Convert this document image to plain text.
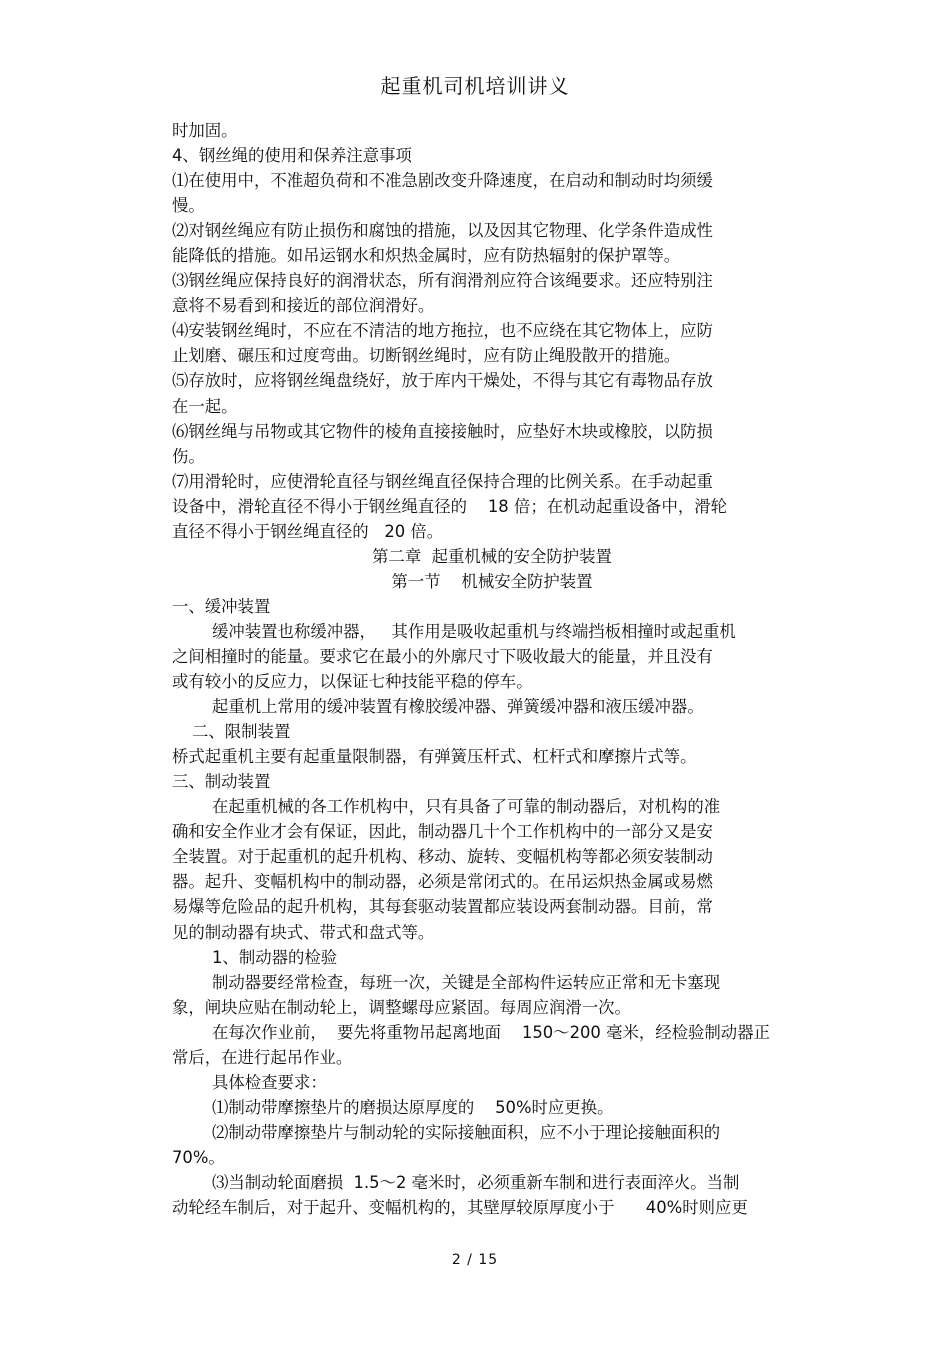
起重机司机培训讲义
时加固。
4、钢丝绳的使用和保养注意事项
⑴在使用中，不准超负荷和不准急剧改变升降速度，在启动和制动时均须缓
慢。
⑵对钢丝绳应有防止损伤和腐蚀的措施，以及因其它物理、化学条件造成性
能降低的措施。如吊运钢水和炽热金属时，应有防热辐射的保护罩等。
⑶钢丝绳应保持良好的润滑状态，所有润滑剂应符合该绳要求。还应特别注
意将不易看到和接近的部位润滑好。
⑷安装钢丝绳时，不应在不清洁的地方拖拉，也不应绕在其它物体上，应防
止划磨、碾压和过度弯曲。切断钢丝绳时，应有防止绳股散开的措施。
⑸存放时，应将钢丝绳盘绕好，放于库内干燥处，不得与其它有毒物品存放
在一起。
⑹钢丝绳与吊物或其它物件的棱角直接接触时，应垫好木块或橡胶，以防损
伤。
⑺用滑轮时，应使滑轮直径与钢丝绳直径保持合理的比例关系。在手动起重
设备中，滑轮直径不得小于钢丝绳直径的    18 倍；在机动起重设备中，滑轮
直径不得小于钢丝绳直径的   20 倍。
第二章  起重机械的安全防护装置
第一节    机械安全防护装置
一、缓冲装置
缓冲装置也称缓冲器，   其作用是吸收起重机与终端挡板相撞时或起重机
之间相撞时的能量。要求它在最小的外廓尺寸下吸收最大的能量，并且没有
或有较小的反应力，以保证七种技能平稳的停车。
起重机上常用的缓冲装置有橡胶缓冲器、弹簧缓冲器和液压缓冲器。
二、限制装置
桥式起重机主要有起重量限制器，有弹簧压杆式、杠杆式和摩擦片式等。
三、制动装置
在起重机械的各工作机构中，只有具备了可靠的制动器后，对机构的准
确和安全作业才会有保证，因此，制动器几十个工作机构中的一部分又是安
全装置。对于起重机的起升机构、移动、旋转、变幅机构等都必须安装制动
器。起升、变幅机构中的制动器，必须是常闭式的。在吊运炽热金属或易燃
易爆等危险品的起升机构，其每套驱动装置都应装设两套制动器。目前，常
见的制动器有块式、带式和盘式等。
1、制动器的检验
制动器要经常检查，每班一次，关键是全部构件运转应正常和无卡塞现
象，闸块应贴在制动轮上，调整螺母应紧固。每周应润滑一次。
在每次作业前，  要先将重物吊起离地面    150～200 毫米，经检验制动器正
常后，在进行起吊作业。
具体检查要求：
⑴制动带摩擦垫片的磨损达原厚度的    50%时应更换。
⑵制动带摩擦垫片与制动轮的实际接触面积，应不小于理论接触面积的
70%。
⑶当制动轮面磨损  1.5～2 毫米时，必须重新车制和进行表面淬火。当制
动轮经车制后，对于起升、变幅机构的，其壁厚较原厚度小于      40%时则应更
2 / 15
